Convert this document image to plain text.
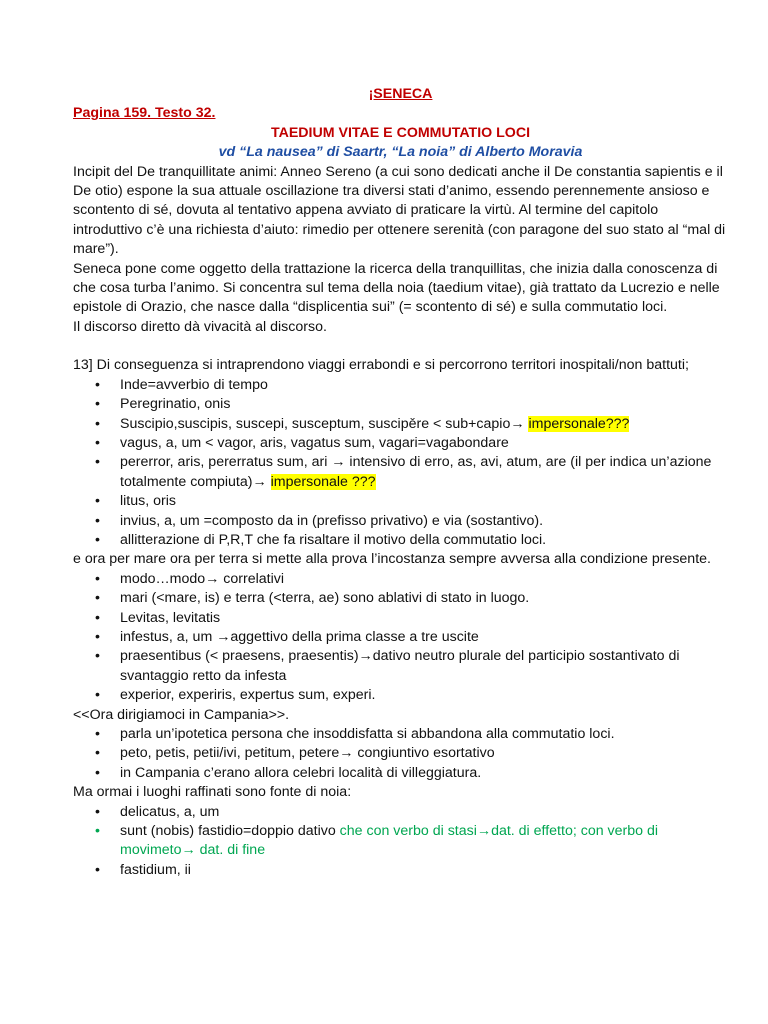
¡SENECA

Pagina 159. Testo 32.

TAEDIUM VITAE E COMMUTATIO LOCI

vd “La nausea” di Saartr, “La noia” di Alberto Moravia

Incipit del De tranquillitate animi: Anneo Sereno (a cui sono dedicati anche il De constantia sapientis e il De otio) espone la sua attuale oscillazione tra diversi stati d’animo, essendo perennemente ansioso e scontento di sé, dovuta al tentativo appena avviato di praticare la virtù. Al termine del capitolo introduttivo c’è una richiesta d’aiuto: rimedio per ottenere serenità (con paragone del suo stato al “mal di mare”).

Seneca pone come oggetto della trattazione la ricerca della tranquillitas, che inizia dalla conoscenza di che cosa turba l’animo. Si concentra sul tema della noia (taedium vitae), già trattato da Lucrezio e nelle epistole di Orazio, che nasce dalla “displicentia sui” (= scontento di sé) e sulla commutatio loci.

Il discorso diretto dà vivacità al discorso.

13] Di conseguenza si intraprendono viaggi errabondi e si percorrono territori inospitali/non battuti;

• Inde=avverbio di tempo
• Peregrinatio, onis
• Suscipio,suscipis, suscepi, susceptum, suscipěre < sub+capio→ impersonale???
• vagus, a, um < vagor, aris, vagatus sum, vagari=vagabondare
• pererror, aris, pererratus sum, ari → intensivo di erro, as, avi, atum, are (il per indica un’azione totalmente compiuta)→ impersonale ???
• litus, oris
• invius, a, um =composto da in (prefisso privativo) e via (sostantivo).
• allitterazione di P,R,T che fa risaltare il motivo della commutatio loci.

e ora per mare ora per terra si mette alla prova l’incostanza sempre avversa alla condizione presente.

• modo…modo→ correlativi
• mari (<mare, is) e terra (<terra, ae) sono ablativi di stato in luogo.
• Levitas, levitatis
• infestus, a, um →aggettivo della prima classe a tre uscite
• praesentibus (< praesens, praesentis)→dativo neutro plurale del participio sostantivato di svantaggio retto da infesta
• experior, experiris, expertus sum, experi.

<<Ora dirigiamoci in Campania>>.

• parla un’ipotetica persona che insoddisfatta si abbandona alla commutatio loci.
• peto, petis, petii/ivi, petitum, petere→ congiuntivo esortativo
• in Campania c’erano allora celebri località di villeggiatura.

Ma ormai i luoghi raffinati sono fonte di noia:

• delicatus, a, um
• sunt (nobis) fastidio=doppio dativo che con verbo di stasi→dat. di effetto; con verbo di movimeto→ dat. di fine
• fastidium, ii
